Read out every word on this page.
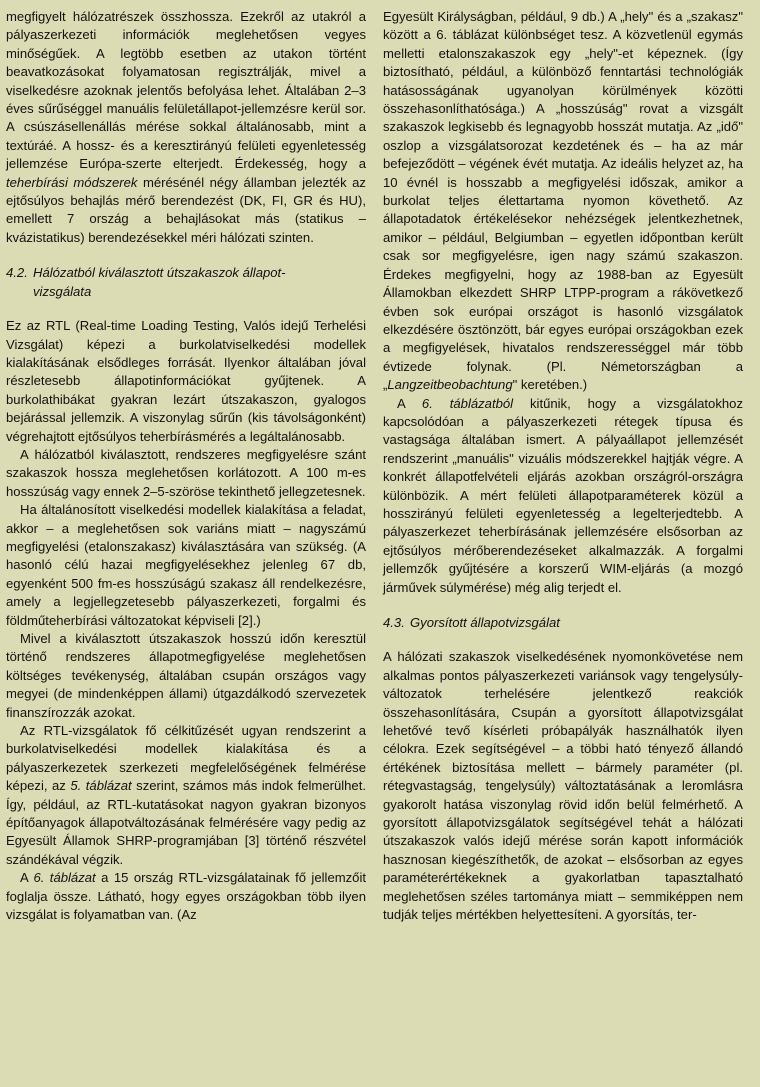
megfigyelt hálózatrészek összhossza. Ezekről az utakról a pályaszerkezeti információk meglehetősen vegyes minőségűek. A legtöbb esetben az utakon történt beavatkozásokat folyamatosan regisztrálják, mivel a viselkedésre azoknak jelentős befolyása lehet. Általában 2–3 éves sűrűséggel manuális felületállapot-jellemzésre kerül sor. A csúszásellenállás mérése sokkal általánosabb, mint a textúráé. A hossz- és a keresztirányú felületi egyenletesség jellemzése Európa-szerte elterjedt. Érdekesség, hogy a teherbírási módszerek mérésénél négy államban jelezték az ejtősúlyos behajlás mérő berendezést (DK, FI, GR és HU), emellett 7 ország a behajlásokat más (statikus – kvázistatikus) berendezésekkel méri hálózati szinten.

4.2. Hálózatból kiválasztott útszakaszok állapot-
vizsgálata

Ez az RTL (Real-time Loading Testing, Valós idejű Terhelési Vizsgálat) képezi a burkolatviselkedési modellek kialakításának elsődleges forrását. Ilyenkor általában jóval részletesebb állapotinformációkat gyűjtenek. A burkolathibákat gyakran lezárt útszakaszon, gyalogos bejárással jellemzik. A viszonylag sűrűn (kis távolságonként) végrehajtott ejtősúlyos teherbírásmérés a legáltalánosabb.

A hálózatból kiválasztott, rendszeres megfigyelésre szánt szakaszok hossza meglehetősen korlátozott. A 100 m-es hosszúság vagy ennek 2–5-szöröse tekinthető jellegzetesnek.

Ha általánosított viselkedési modellek kialakítása a feladat, akkor – a meglehetősen sok variáns miatt – nagyszámú megfigyelési (etalonszakasz) kiválasztására van szükség. (A hasonló célú hazai megfigyelésekhez jelenleg 67 db, egyenként 500 fm-es hosszúságú szakasz áll rendelkezésre, amely a legjellegzetesebb pályaszerkezeti, forgalmi és földműteherbírási változatokat képviseli [2].)

Mivel a kiválasztott útszakaszok hosszú időn keresztül történő rendszeres állapotmegfigyelése meglehetősen költséges tevékenység, általában csupán országos vagy megyei (de mindenképpen állami) útgazdálkodó szervezetek finanszírozzák azokat.

Az RTL-vizsgálatok fő célkitűzését ugyan rendszerint a burkolatviselkedési modellek kialakítása és a pályaszerkezetek szerkezeti megfelelőségének felmérése képezi, az 5. táblázat szerint, számos más indok felmerülhet. Így, például, az RTL-kutatásokat nagyon gyakran bizonyos építőanyagok állapotváltozásának felmérésére vagy pedig az Egyesült Államok SHRP-programjában [3] történő részvétel szándékával végzik.

A 6. táblázat a 15 ország RTL-vizsgálatainak fő jellemzőit foglalja össze. Látható, hogy egyes országokban több ilyen vizsgálat is folyamatban van. (Az

Egyesült Királyságban, például, 9 db.) A „hely" és a „szakasz" között a 6. táblázat különbséget tesz. A közvetlenül egymás melletti etalonszakaszok egy „hely"-et képeznek. (Így biztosítható, például, a különböző fenntartási technológiák hatásosságának ugyanolyan körülmények közötti összehasonlíthatósága.) A „hosszúság" rovat a vizsgált szakaszok legkisebb és legnagyobb hosszát mutatja. Az „idő" oszlop a vizsgálatsorozat kezdetének és – ha az már befejeződött – végének évét mutatja. Az ideális helyzet az, ha 10 évnél is hosszabb a megfigyelési időszak, amikor a burkolat teljes élettartama nyomon követhető. Az állapotadatok értékelésekor nehézségek jelentkezhetnek, amikor – például, Belgiumban – egyetlen időpontban került csak sor megfigyelésre, igen nagy számú szakaszon. Érdekes megfigyelni, hogy az 1988-ban az Egyesült Államokban elkezdett SHRP LTPP-program a rákövetkező évben sok európai országot is hasonló vizsgálatok elkezdésére ösztönzött, bár egyes európai országokban ezek a megfigyelések, hivatalos rendszerességgel már több évtizede folynak. (Pl. Németországban a „Langzeitbeobachtung" keretében.)

A 6. táblázatból kitűnik, hogy a vizsgálatokhoz kapcsolódóan a pályaszerkezeti rétegek típusa és vastagsága általában ismert. A pályaállapot jellemzését rendszerint „manuális" vizuális módszerekkel hajtják végre. A konkrét állapotfelvételi eljárás azokban országról-országra különbözik. A mért felületi állapotparaméterek közül a hosszirányú felületi egyenletesség a legelterjedtebb. A pályaszerkezet teherbírásának jellemzésére elsősorban az ejtősúlyos mérőberendezéseket alkalmazzák. A forgalmi jellemzők gyűjtésére a korszerű WIM-eljárás (a mozgó járművek súlymérése) még alig terjedt el.

4.3. Gyorsított állapotvizsgálat

A hálózati szakaszok viselkedésének nyomonkövetése nem alkalmas pontos pályaszerkezeti variánsok vagy tengelysúly-változatok terhelésére jelentkező reakciók összehasonlítására, Csupán a gyorsított állapotvizsgálat lehetővé tevő kísérleti próbapályák használhatók ilyen célokra. Ezek segítségével – a többi ható tényező állandó értékének biztosítása mellett – bármely paraméter (pl. rétegvastagság, tengelysúly) változtatásának a leromlásra gyakorolt hatása viszonylag rövid időn belül felmérhető. A gyorsított állapotvizsgálatok segítségével tehát a hálózati útszakaszok valós idejű mérése során kapott információk hasznosan kiegészíthetők, de azokat – elsősorban az egyes paraméterértékeknek a gyakorlatban tapasztalható meglehetősen széles tartománya miatt – semmiképpen nem tudják teljes mértékben helyettesíteni. A gyorsítás, ter-
